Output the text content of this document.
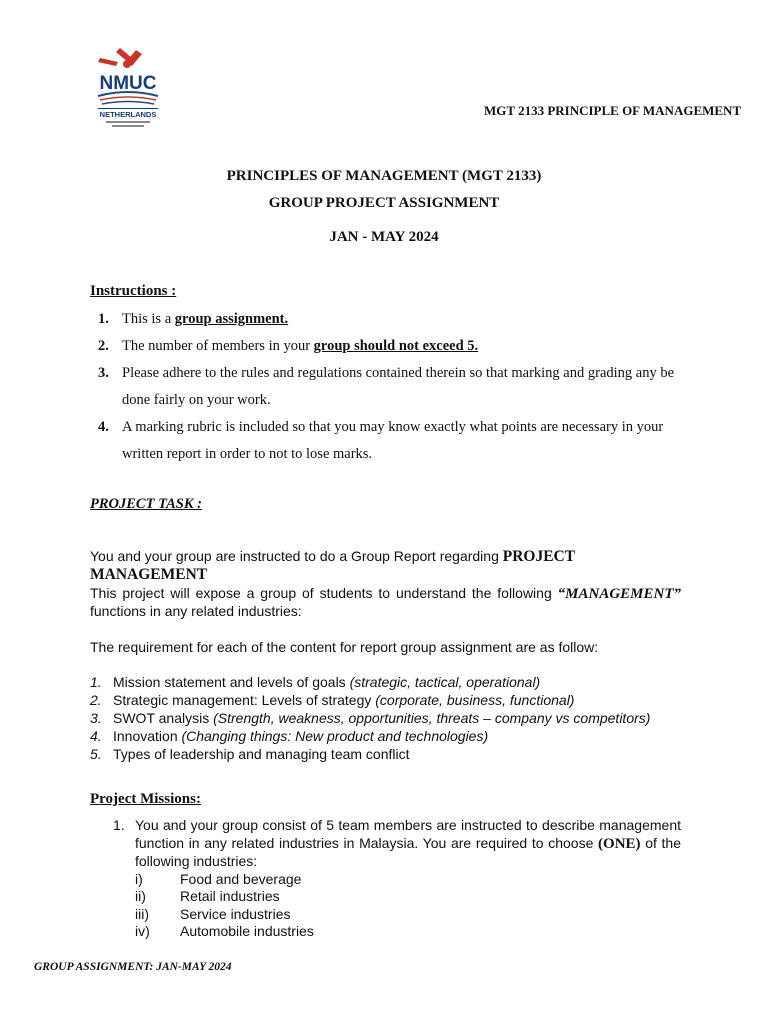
NMUC
NETHERLANDS	MGT 2133 PRINCIPLE OF MANAGEMENT
PRINCIPLES OF MANAGEMENT (MGT 2133)
GROUP PROJECT ASSIGNMENT
JAN - MAY 2024
Instructions :
1. This is a group assignment.
2. The number of members in your group should not exceed 5.
3. Please adhere to the rules and regulations contained therein so that marking and grading any be done fairly on your work.
4. A marking rubric is included so that you may know exactly what points are necessary in your written report in order to not to lose marks.
PROJECT TASK :
You and your group are instructed to do a Group Report regarding PROJECT MANAGEMENT
This project will expose a group of students to understand the following “MANAGEMENT” functions in any related industries:
The requirement for each of the content for report group assignment are as follow:
1. Mission statement and levels of goals (strategic, tactical, operational)
2. Strategic management: Levels of strategy (corporate, business, functional)
3. SWOT analysis (Strength, weakness, opportunities, threats – company vs competitors)
4. Innovation (Changing things: New product and technologies)
5. Types of leadership and managing team conflict
Project Missions:
1. You and your group consist of 5 team members are instructed to describe management function in any related industries in Malaysia. You are required to choose (ONE) of the following industries:
i)	Food and beverage
ii) Retail industries
iii) Service industries
iv) Automobile industries
GROUP ASSIGNMENT: JAN-MAY 2024
